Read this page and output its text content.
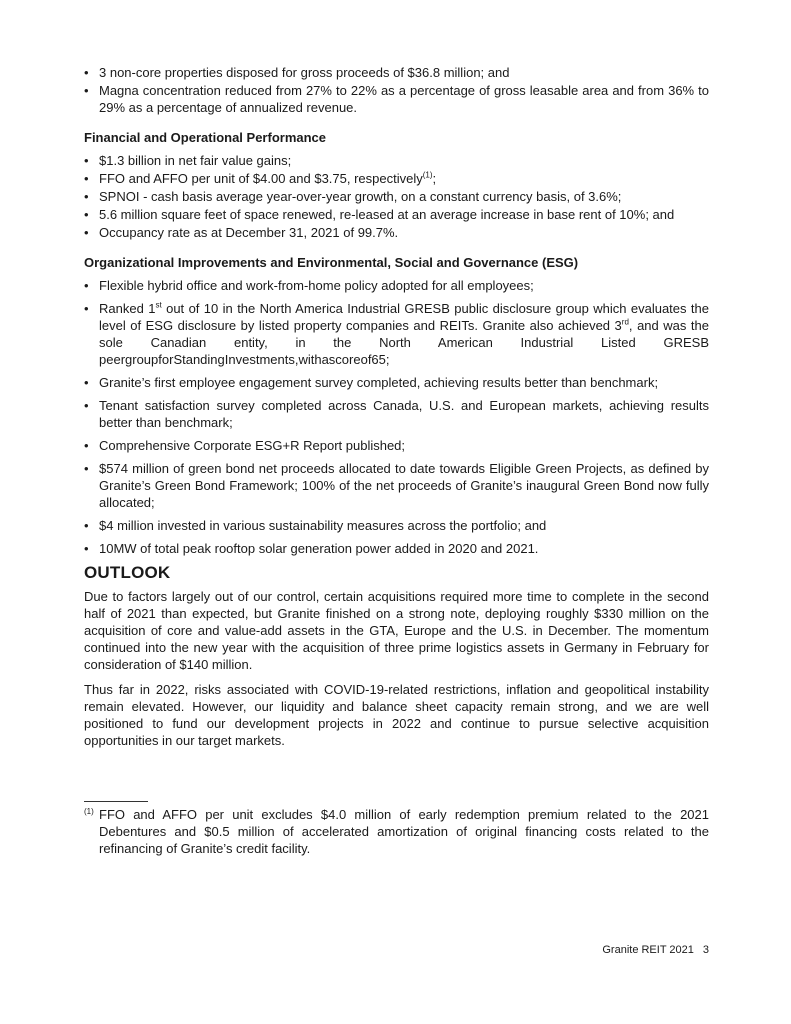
• 3 non-core properties disposed for gross proceeds of $36.8 million; and
• Magna concentration reduced from 27% to 22% as a percentage of gross leasable area and from 36% to 29% as a percentage of annualized revenue.
Financial and Operational Performance
• $1.3 billion in net fair value gains;
• FFO and AFFO per unit of $4.00 and $3.75, respectively$^{(1)}$;
• SPNOI - cash basis average year-over-year growth, on a constant currency basis, of 3.6%;
• 5.6 million square feet of space renewed, re-leased at an average increase in base rent of 10%; and
• Occupancy rate as at December 31, 2021 of 99.7%.
Organizational Improvements and Environmental, Social and Governance (ESG)
• Flexible hybrid office and work-from-home policy adopted for all employees;
• Ranked 1st out of 10 in the North America Industrial GRESB public disclosure group which evaluates the level of ESG disclosure by listed property companies and REITs. Granite also achieved 3rd, and was the sole Canadian entity, in the North American Industrial Listed GRESB peergroupforStandingInvestments,withascoreof65;
• Granite’s first employee engagement survey completed, achieving results better than benchmark;
• Tenant satisfaction survey completed across Canada, U.S. and European markets, achieving results better than benchmark;
• Comprehensive Corporate ESG+R Report published;
• $574 million of green bond net proceeds allocated to date towards Eligible Green Projects, as defined by Granite’s Green Bond Framework; 100% of the net proceeds of Granite’s inaugural Green Bond now fully allocated;
• $4 million invested in various sustainability measures across the portfolio; and
• 10MW of total peak rooftop solar generation power added in 2020 and 2021.
OUTLOOK

Due to factors largely out of our control, certain acquisitions required more time to complete in the second half of 2021 than expected, but Granite finished on a strong note, deploying roughly $330 million on the acquisition of core and value-add assets in the GTA, Europe and the U.S. in December. The momentum continued into the new year with the acquisition of three prime logistics assets in Germany in February for consideration of $140 million.

Thus far in 2022, risks associated with COVID-19-related restrictions, inflation and geopolitical instability remain elevated. However, our liquidity and balance sheet capacity remain strong, and we are well positioned to fund our development projects in 2022 and continue to pursue selective acquisition opportunities in our target markets.

(1) FFO and AFFO per unit excludes $4.0 million of early redemption premium related to the 2021 Debentures and $0.5 million of accelerated amortization of original financing costs related to the refinancing of Granite’s credit facility.
Granite REIT 2021 3
